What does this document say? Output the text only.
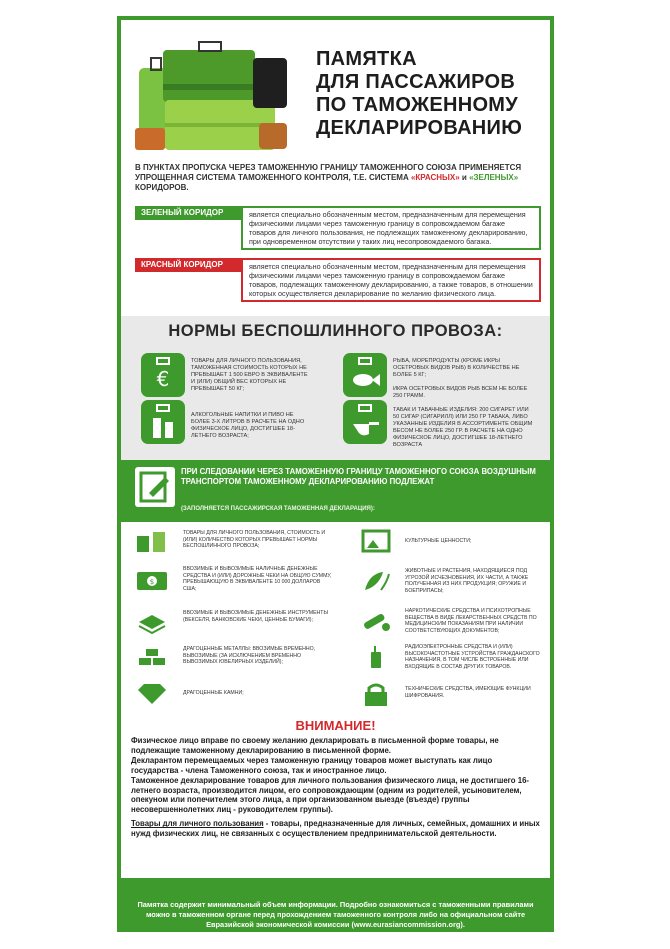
ПАМЯТКА
ДЛЯ ПАССАЖИРОВ
ПО ТАМОЖЕННОМУ
ДЕКЛАРИРОВАНИЮ
В ПУНКТАХ ПРОПУСКА ЧЕРЕЗ ТАМОЖЕННУЮ ГРАНИЦУ ТАМОЖЕННОГО СОЮЗА ПРИМЕНЯЕТСЯ УПРОЩЕННАЯ СИСТЕМА ТАМОЖЕННОГО КОНТРОЛЯ, Т.Е. СИСТЕМА «КРАСНЫХ» и «ЗЕЛЕНЫХ» КОРИДОРОВ.
ЗЕЛЕНЫЙ КОРИДОР	является специально обозначенным местом, предназначенным для перемещения физическими лицами через таможенную границу в сопровождаемом багаже товаров для личного пользования, не подлежащих таможенному декларированию, при одновременном отсутствии у таких лиц несопровождаемого багажа.
КРАСНЫЙ КОРИДОР	является специально обозначенным местом, предназначенным для перемещения физическими лицами через таможенную границу в сопровождаемом багаже товаров, подлежащих таможенному декларированию, а также товаров, в отношении которых осуществляется декларирование по желанию физического лица.
НОРМЫ БЕСПОШЛИННОГО ПРОВОЗА:
€
ТОВАРЫ ДЛЯ ЛИЧНОГО ПОЛЬЗОВАНИЯ, ТАМОЖЕННАЯ СТОИМОСТЬ КОТОРЫХ НЕ ПРЕВЫШАЕТ 1 500 ЕВРО В ЭКВИВАЛЕНТЕ И (ИЛИ) ОБЩИЙ ВЕС КОТОРЫХ НЕ ПРЕВЫШАЕТ 50 КГ;
РЫБА, МОРЕПРОДУКТЫ (КРОМЕ ИКРЫ ОСЕТРОВЫХ ВИДОВ РЫБ) В КОЛИЧЕСТВЕ НЕ БОЛЕЕ 5 КГ;
ИКРА ОСЕТРОВЫХ ВИДОВ РЫБ ВСЕМ НЕ БОЛЕЕ 250 ГРАММ.
АЛКОГОЛЬНЫЕ НАПИТКИ И ПИВО НЕ БОЛЕЕ 3-Х ЛИТРОВ В РАСЧЕТЕ НА ОДНО ФИЗИЧЕСКОЕ ЛИЦО, ДОСТИГШЕЕ 18-ЛЕТНЕГО ВОЗРАСТА;
ТАБАК И ТАБАЧНЫЕ ИЗДЕЛИЯ: 200 СИГАРЕТ ИЛИ 50 СИГАР (СИГАРИЛЛ) ИЛИ 250 ГР ТАБАКА, ЛИБО УКАЗАННЫЕ ИЗДЕЛИЯ В АССОРТИМЕНТЕ ОБЩИМ ВЕСОМ НЕ БОЛЕЕ 250 ГР. В РАСЧЕТЕ НА ОДНО ФИЗИЧЕСКОЕ ЛИЦО, ДОСТИГШЕЕ 18-ЛЕТНЕГО ВОЗРАСТА
ПРИ СЛЕДОВАНИИ ЧЕРЕЗ ТАМОЖЕННУЮ ГРАНИЦУ ТАМОЖЕННОГО СОЮЗА ВОЗДУШНЫМ ТРАНСПОРТОМ ТАМОЖЕННОМУ ДЕКЛАРИРОВАНИЮ ПОДЛЕЖАТ
(ЗАПОЛНЯЕТСЯ ПАССАЖИРСКАЯ ТАМОЖЕННАЯ ДЕКЛАРАЦИЯ):
ТОВАРЫ ДЛЯ ЛИЧНОГО ПОЛЬЗОВАНИЯ, СТОИМОСТЬ И (ИЛИ) КОЛИЧЕСТВО КОТОРЫХ ПРЕВЫШАЕТ НОРМЫ БЕСПОШЛИННОГО ПРОВОЗА;
$
ВВОЗИМЫЕ И ВЫВОЗИМЫЕ НАЛИЧНЫЕ ДЕНЕЖНЫЕ СРЕДСТВА И (ИЛИ) ДОРОЖНЫЕ ЧЕКИ НА ОБЩУЮ СУММУ, ПРЕВЫШАЮЩУЮ В ЭКВИВАЛЕНТЕ 10 000 ДОЛЛАРОВ США;
ВВОЗИМЫЕ И ВЫВОЗИМЫЕ ДЕНЕЖНЫЕ ИНСТРУМЕНТЫ (ВЕКСЕЛЯ, БАНКОВСКИЕ ЧЕКИ, ЦЕННЫЕ БУМАГИ);
ДРАГОЦЕННЫЕ МЕТАЛЛЫ: ВВОЗИМЫЕ ВРЕМЕННО, ВЫВОЗИМЫЕ (ЗА ИСКЛЮЧЕНИЕМ ВРЕМЕННО ВЫВОЗИМЫХ ЮВЕЛИРНЫХ ИЗДЕЛИЙ);
ДРАГОЦЕННЫЕ КАМНИ;
КУЛЬТУРНЫЕ ЦЕННОСТИ;
ЖИВОТНЫЕ И РАСТЕНИЯ, НАХОДЯЩИЕСЯ ПОД УГРОЗОЙ ИСЧЕЗНОВЕНИЯ, ИХ ЧАСТИ, А ТАКЖЕ ПОЛУЧЕННАЯ ИЗ НИХ ПРОДУКЦИЯ; ОРУЖИЕ И БОЕПРИПАСЫ;
НАРКОТИЧЕСКИЕ СРЕДСТВА И ПСИХОТРОПНЫЕ ВЕЩЕСТВА В ВИДЕ ЛЕКАРСТВЕННЫХ СРЕДСТВ ПО МЕДИЦИНСКИМ ПОКАЗАНИЯМ ПРИ НАЛИЧИИ СООТВЕТСТВУЮЩИХ ДОКУМЕНТОВ;
РАДИОЭЛЕКТРОННЫЕ СРЕДСТВА И (ИЛИ) ВЫСОКОЧАСТОТНЫЕ УСТРОЙСТВА ГРАЖДАНСКОГО НАЗНАЧЕНИЯ, В ТОМ ЧИСЛЕ ВСТРОЕННЫЕ ИЛИ ВХОДЯЩИЕ В СОСТАВ ДРУГИХ ТОВАРОВ.
ТЕХНИЧЕСКИЕ СРЕДСТВА, ИМЕЮЩИЕ ФУНКЦИИ ШИФРОВАНИЯ.
ВНИМАНИЕ!
Физическое лицо вправе по своему желанию декларировать в письменной форме товары, не подлежащие таможенному декларированию в письменной форме.
Декларантом перемещаемых через таможенную границу товаров может выступать как лицо государства - члена Таможенного союза, так и иностранное лицо.
Таможенное декларирование товаров для личного пользования физического лица, не достигшего 16-летнего возраста, производится лицом, его сопровождающим (одним из родителей, усыновителем, опекуном или попечителем этого лица, а при организованном выезде (въезде) группы несовершеннолетних лиц - руководителем группы).
Товары для личного пользования - товары, предназначенные для личных, семейных, домашних и иных нужд физических лиц, не связанных с осуществлением предпринимательской деятельности.
Памятка содержит минимальный объем информации. Подробно ознакомиться с таможенными правилами можно в таможенном органе перед прохождением таможенного контроля либо на официальном сайте Евразийской экономической комиссии (www.eurasiancommission.org).
